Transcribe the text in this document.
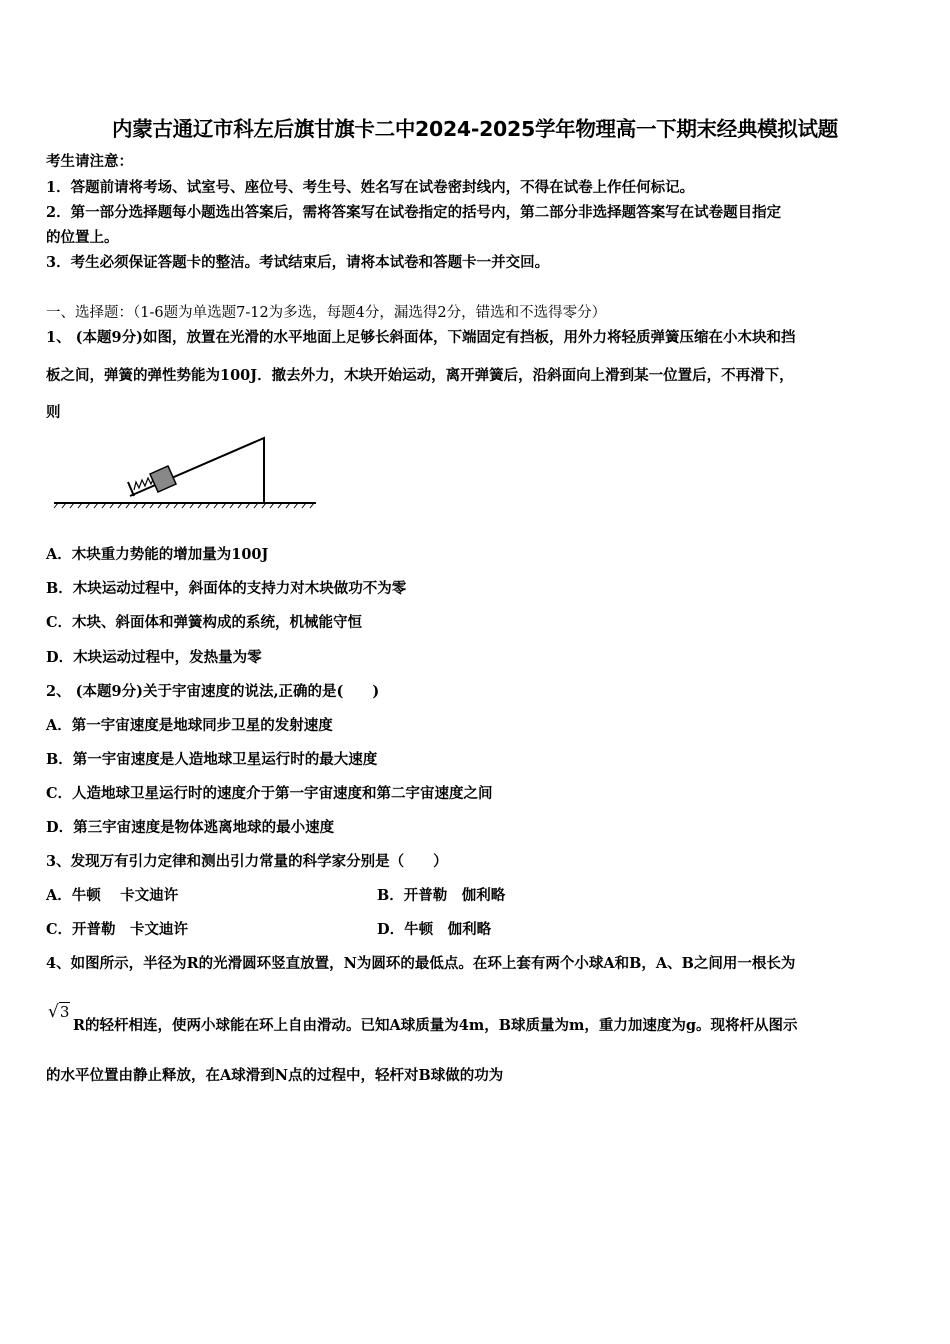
内蒙古通辽市科左后旗甘旗卡二中2024-2025学年物理高一下期末经典模拟试题
考生请注意：
1．答题前请将考场、试室号、座位号、考生号、姓名写在试卷密封线内，不得在试卷上作任何标记。
2．第一部分选择题每小题选出答案后，需将答案写在试卷指定的括号内，第二部分非选择题答案写在试卷题目指定
的位置上。
3．考生必须保证答题卡的整洁。考试结束后，请将本试卷和答题卡一并交回。
一、选择题：（1-6题为单选题7-12为多选，每题4分，漏选得2分，错选和不选得零分）
1、 (本题9分)如图，放置在光滑的水平地面上足够长斜面体，下端固定有挡板，用外力将轻质弹簧压缩在小木块和挡
板之间，弹簧的弹性势能为100J．撤去外力，木块开始运动，离开弹簧后，沿斜面向上滑到某一位置后，不再滑下，
则
A．木块重力势能的增加量为100J
B．木块运动过程中，斜面体的支持力对木块做功不为零
C．木块、斜面体和弹簧构成的系统，机械能守恒
D．木块运动过程中，发热量为零
2、 (本题9分)关于宇宙速度的说法,正确的是(　　)
A．第一宇宙速度是地球同步卫星的发射速度
B．第一宇宙速度是人造地球卫星运行时的最大速度
C．人造地球卫星运行时的速度介于第一宇宙速度和第二宇宙速度之间
D．第三宇宙速度是物体逃离地球的最小速度
3、发现万有引力定律和测出引力常量的科学家分别是（　　）
A．牛顿　 卡文迪许	B．开普勒　伽利略
C．开普勒　卡文迪许	D．牛顿　伽利略
4、如图所示，半径为R的光滑圆环竖直放置，N为圆环的最低点。在环上套有两个小球A和B，A、B之间用一根长为
√3
R的轻杆相连，使两小球能在环上自由滑动。已知A球质量为4m，B球质量为m，重力加速度为g。现将杆从图示
的水平位置由静止释放，在A球滑到N点的过程中，轻杆对B球做的功为
